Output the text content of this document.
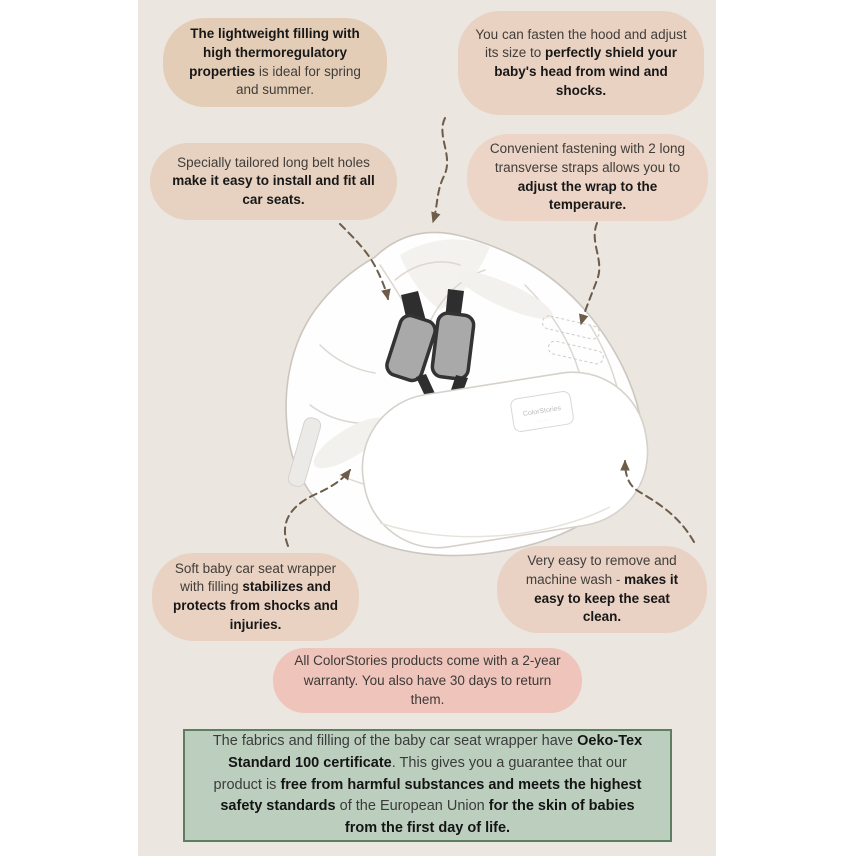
ColorStories
· · · ·
The lightweight filling with high thermoregulatory properties is ideal for spring and summer.
You can fasten the hood and adjust its size to perfectly shield your baby's head from wind and shocks.
Specially tailored long belt holes make it easy to install and fit all car seats.
Convenient fastening with 2 long transverse straps allows you to adjust the wrap to the temperaure.
Soft baby car seat wrapper with filling stabilizes and protects from shocks and injuries.
Very easy to remove and machine wash - makes it easy to keep the seat clean.
All ColorStories products come with a 2-year warranty. You also have 30 days to return them.
The fabrics and filling of the baby car seat wrapper have Oeko-Tex Standard 100 certificate. This gives you a guarantee that our product is free from harmful substances and meets the highest safety standards of the European Union for the skin of babies from the first day of life.
